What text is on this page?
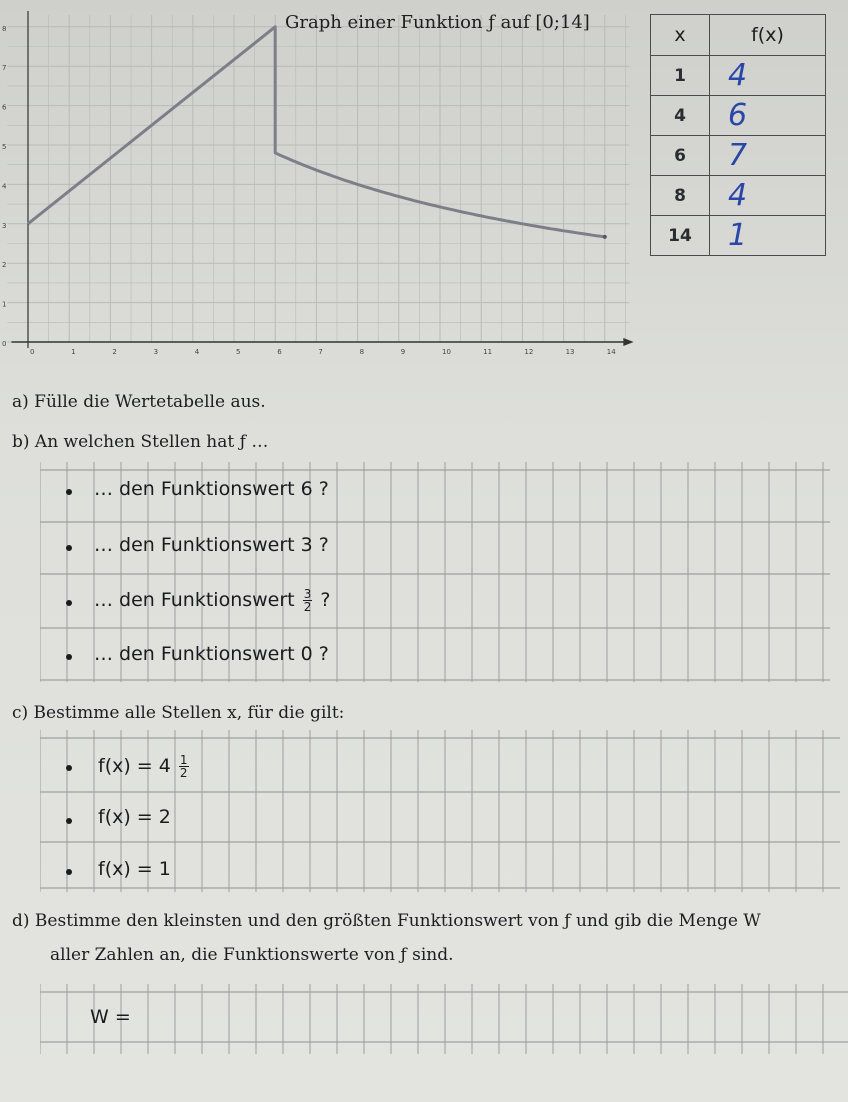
0	1	2	3	4	5	6	7	8	9	10	11	12	13	14
0
1
2
3
4
5
6
7
8	Graph einer Funktion ƒ auf [0;14]
x	f(x)
1	4
4	6
6	7
8	4
14	1
a) Fülle die Wertetabelle aus.
b) An welchen Stellen hat ƒ …
… den Funktionswert 6 ?
… den Funktionswert 3 ?
… den Funktionswert $\frac{3}{2}$ ?
… den Funktionswert 0 ?
c) Bestimme alle Stellen x, für die gilt:
$f(x) = 4 \frac{1}{2}$
f(x) = 2
f(x) = 1
d) Bestimme den kleinsten und den größten Funktionswert von ƒ und gib die Menge W
aller Zahlen an, die Funktionswerte von ƒ sind.
W =
